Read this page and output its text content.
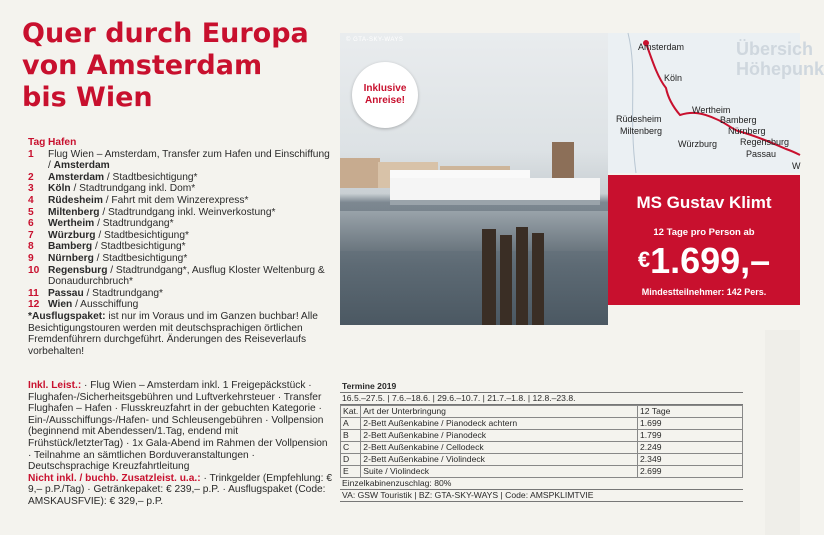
Quer durch Europa
von Amsterdam
bis Wien
Tag Hafen
1	Flug Wien – Amsterdam, Transfer zum Hafen und Einschiffung / Amsterdam
2	Amsterdam / Stadtbesichtigung*
3	Köln / Stadtrundgang inkl. Dom*
4	Rüdesheim / Fahrt mit dem Winzerexpress*
5	Miltenberg / Stadtrundgang inkl. Weinverkostung*
6	Wertheim / Stadtrundgang*
7	Würzburg / Stadtbesichtigung*
8	Bamberg / Stadtbesichtigung*
9	Nürnberg / Stadtbesichtigung*
10 Regensburg / Stadtrundgang*, Ausflug Kloster Weltenburg & Donaudurchbruch*
11 Passau / Stadtrundgang*
12 Wien / Ausschiffung
*Ausflugspaket: ist nur im Voraus und im Ganzen buchbar! Alle Besichtigungstouren werden mit deutschsprachigen örtlichen Fremdenführern durchgeführt. Änderungen des Reiseverlaufs vorbehalten!
Inkl. Leist.: · Flug Wien – Amsterdam inkl. 1 Freigepäckstück · Flughafen-/Sicherheitsgebühren und Luftverkehrsteuer · Transfer Flughafen – Hafen · Flusskreuzfahrt in der gebuchten Kategorie · Ein-/Ausschiffungs-/Hafen- und Schleusengebühren · Vollpension (beginnend mit Abendessen/1.Tag, endend mit Frühstück/letzterTag) · 1x Gala-Abend im Rahmen der Vollpension · Teilnahme an sämtlichen Borduveranstaltungen · Deutschsprachige Kreuzfahrtleitung
Nicht inkl. / buchb. Zusatzleist. u.a.: · Trinkgelder (Empfehlung: € 9,– p.P./Tag) · Getränkepaket: € 239,– p.P. · Ausflugspaket (Code: AMSKAUSFVIE): € 329,– p.P.
© GTA-SKY-WAYS
Inklusive
Anreise!
Übersich
Höhepunk
Amsterdam
Köln
Wertheim
Rüdesheim	Bamberg
Miltenberg	Nürnberg
Würzburg	Regensburg
Passau
W
MS Gustav Klimt
12 Tage pro Person ab
€1.699,–
Mindestteilnehmer: 142 Pers.
Termine 2019
16.5.–27.5. | 7.6.–18.6. | 29.6.–10.7. | 21.7.–1.8. | 12.8.–23.8.
Kat.	Art der Unterbringung	12 Tage
A	2-Bett Außenkabine / Pianodeck achtern	1.699
B	2-Bett Außenkabine / Pianodeck	1.799
C	2-Bett Außenkabine / Cellodeck	2.249
D	2-Bett Außenkabine / Violindeck	2.349
E	Suite / Violindeck	2.699
Einzelkabinenzuschlag: 80%
VA: GSW Touristik | BZ: GTA-SKY-WAYS | Code: AMSPKLIMTVIE
